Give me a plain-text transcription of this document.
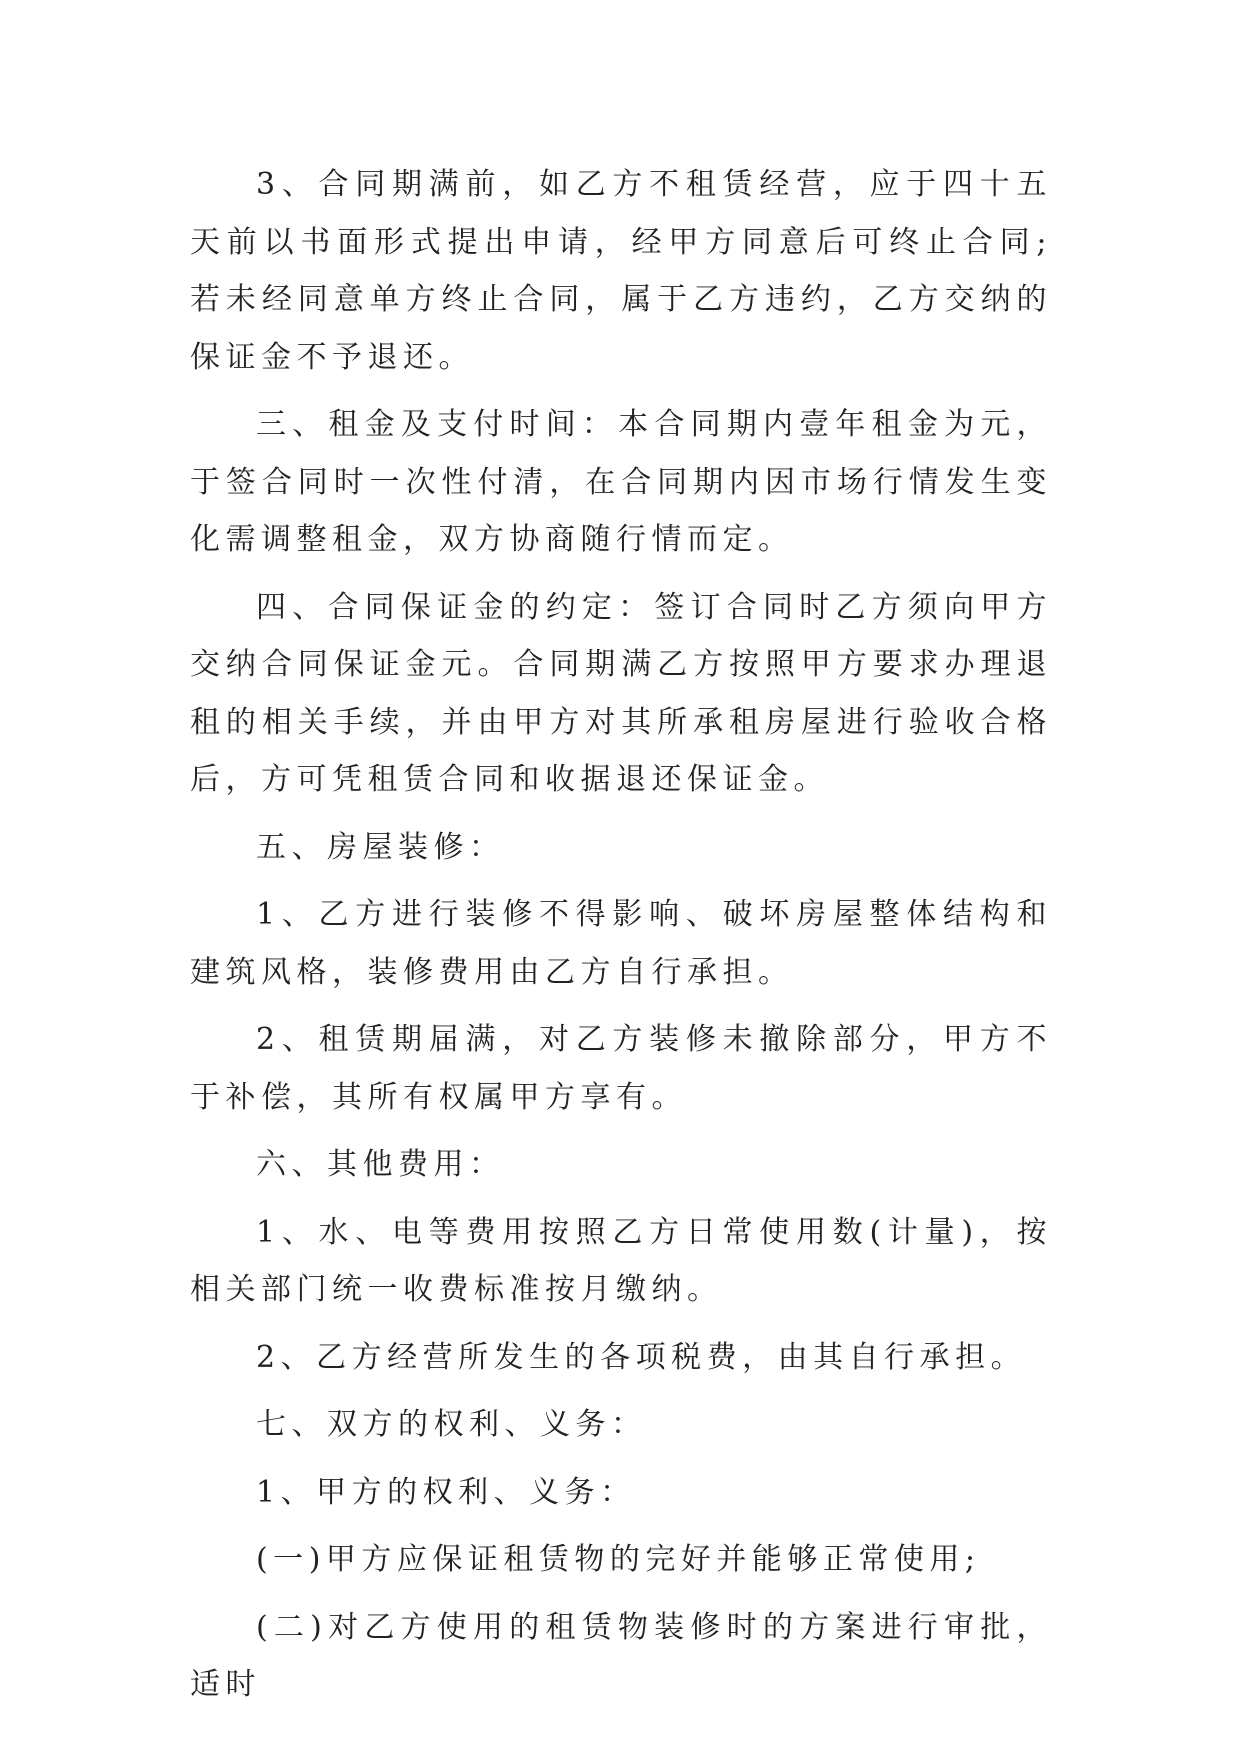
3、合同期满前，如乙方不租赁经营，应于四十五天前以书面形式提出申请，经甲方同意后可终止合同;若未经同意单方终止合同，属于乙方违约，乙方交纳的保证金不予退还。

三、租金及支付时间：本合同期内壹年租金为元，于签合同时一次性付清，在合同期内因市场行情发生变化需调整租金，双方协商随行情而定。

四、合同保证金的约定：签订合同时乙方须向甲方交纳合同保证金元。合同期满乙方按照甲方要求办理退租的相关手续，并由甲方对其所承租房屋进行验收合格后，方可凭租赁合同和收据退还保证金。

五、房屋装修：

1、乙方进行装修不得影响、破坏房屋整体结构和建筑风格，装修费用由乙方自行承担。

2、租赁期届满，对乙方装修未撤除部分，甲方不于补偿，其所有权属甲方享有。

六、其他费用：

1、水、电等费用按照乙方日常使用数(计量)，按相关部门统一收费标准按月缴纳。

2、乙方经营所发生的各项税费，由其自行承担。

七、双方的权利、义务：

1、甲方的权利、义务：

(一)甲方应保证租赁物的完好并能够正常使用;

(二)对乙方使用的租赁物装修时的方案进行审批，适时
